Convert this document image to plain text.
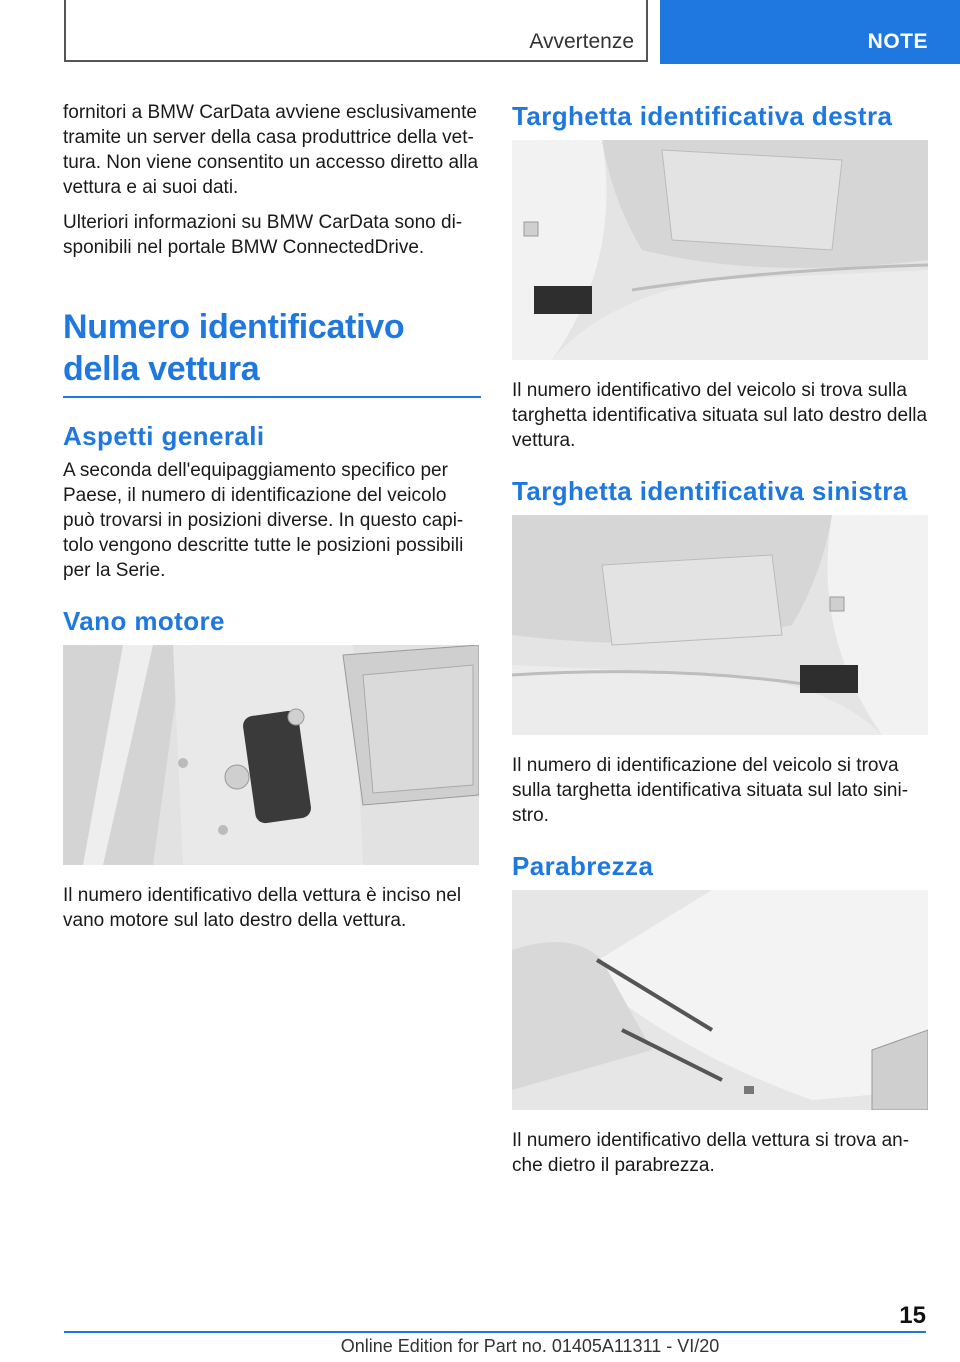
Avvertenze	NOTE

fornitori a BMW CarData avviene esclusivamente tramite un server della casa produttrice della vet-tura. Non viene consentito un accesso diretto alla vettura e ai suoi dati.

Ulteriori informazioni su BMW CarData sono di-sponibili nel portale BMW ConnectedDrive.

Numero identificativo della vettura
Aspetti generali

A seconda dell'equipaggiamento specifico per Paese, il numero di identificazione del veicolo può trovarsi in posizioni diverse. In questo capi-tolo vengono descritte tutte le posizioni possibili per la Serie.

Vano motore

Il numero identificativo della vettura è inciso nel vano motore sul lato destro della vettura.

Targhetta identificativa destra

Il numero identificativo del veicolo si trova sulla targhetta identificativa situata sul lato destro della vettura.

Targhetta identificativa sinistra

Il numero di identificazione del veicolo si trova sulla targhetta identificativa situata sul lato sini-stro.

Parabrezza

Il numero identificativo della vettura si trova an-che dietro il parabrezza.

15
Online Edition for Part no. 01405A11311 - VI/20
